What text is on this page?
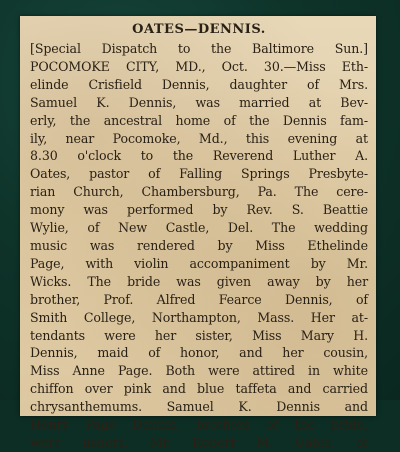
OATES—DENNIS.
[Special Dispatch to the Baltimore Sun.]
POCOMOKE CITY, MD., Oct. 30.—Miss Eth-
elinde Crisfield Dennis, daughter of Mrs.
Samuel K. Dennis, was married at Bev-
erly, the ancestral home of the Dennis fam-
ily, near Pocomoke, Md., this evening at
8.30 o'clock to the Reverend Luther A.
Oates, pastor of Falling Springs Presbyte-
rian Church, Chambersburg, Pa. The cere-
mony was performed by Rev. S. Beattie
Wylie, of New Castle, Del. The wedding
music was rendered by Miss Ethelinde
Page, with violin accompaniment by Mr.
Wicks. The bride was given away by her
brother, Prof. Alfred Fearce Dennis, of
Smith College, Northampton, Mass. Her at-
tendants were her sister, Miss Mary H.
Dennis, maid of honor, and her cousin,
Miss Anne Page. Both were attired in white
chiffon over pink and blue taffeta and carried
chrysanthemums. Samuel K. Dennis and
Henry Page Dennis, brothers of the bride,
were ushers. Mr. Robert M. Oates, of
